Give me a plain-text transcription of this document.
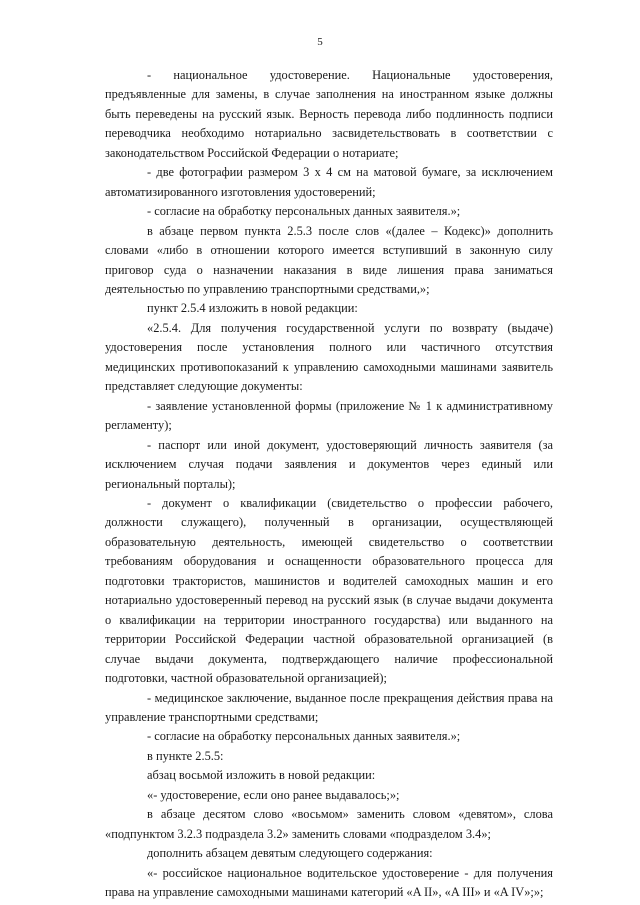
5

- национальное удостоверение. Национальные удостоверения, предъявленные для замены, в случае заполнения на иностранном языке должны быть переведены на русский язык. Верность перевода либо подлинность подписи переводчика необходимо нотариально засвидетельствовать в соответствии с законодательством Российской Федерации о нотариате;

- две фотографии размером 3 х 4 см на матовой бумаге, за исключением автоматизированного изготовления удостоверений;

- согласие на обработку персональных данных заявителя.»;

в абзаце первом пункта 2.5.3 после слов «(далее – Кодекс)» дополнить словами «либо в отношении которого имеется вступивший в законную силу приговор суда о назначении наказания в виде лишения права заниматься деятельностью по управлению транспортными средствами,»;

пункт 2.5.4 изложить в новой редакции:

«2.5.4. Для получения государственной услуги по возврату (выдаче) удостоверения после установления полного или частичного отсутствия медицинских противопоказаний к управлению самоходными машинами заявитель представляет следующие документы:

- заявление установленной формы (приложение № 1 к административному регламенту);

- паспорт или иной документ, удостоверяющий личность заявителя (за исключением случая подачи заявления и документов через единый или региональный порталы);

- документ о квалификации (свидетельство о профессии рабочего, должности служащего), полученный в организации, осуществляющей образовательную деятельность, имеющей свидетельство о соответствии требованиям оборудования и оснащенности образовательного процесса для подготовки трактористов, машинистов и водителей самоходных машин и его нотариально удостоверенный перевод на русский язык (в случае выдачи документа о квалификации на территории иностранного государства) или выданного на территории Российской Федерации частной образовательной организацией (в случае выдачи документа, подтверждающего наличие профессиональной подготовки, частной образовательной организацией);

- медицинское заключение, выданное после прекращения действия права на управление транспортными средствами;

- согласие на обработку персональных данных заявителя.»;

в пункте 2.5.5:

абзац восьмой изложить в новой редакции:

«- удостоверение, если оно ранее выдавалось;»;

в абзаце десятом слово «восьмом» заменить словом «девятом», слова «подпунктом 3.2.3 подраздела 3.2» заменить словами «подразделом 3.4»;

дополнить абзацем девятым следующего содержания:

«- российское национальное водительское удостоверение - для получения права на управление самоходными машинами категорий «A II», «A III» и «A IV»;»;
